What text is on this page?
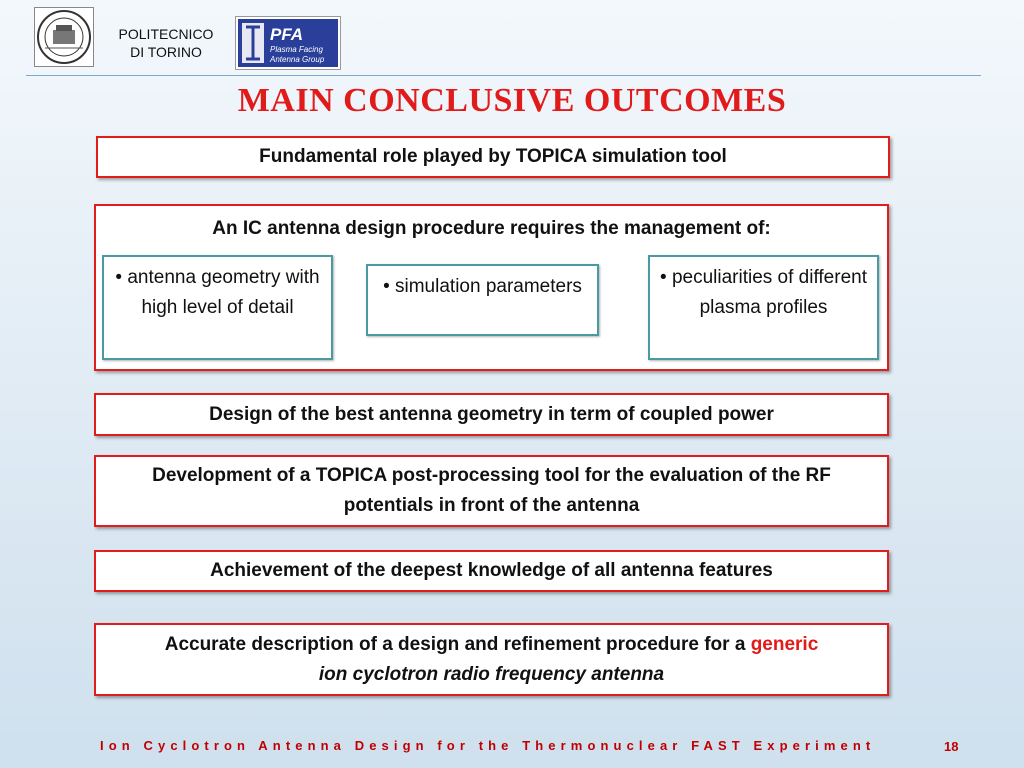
POLITECNICO
DI TORINO
PFA
Plasma Facing
Antenna Group
MAIN CONCLUSIVE OUTCOMES
Fundamental role played by TOPICA simulation tool
An IC antenna design procedure requires the management of:
• antenna geometry with high level of detail
• simulation parameters	• peculiarities of different plasma profiles
Design of the best antenna geometry in term of coupled power
Development of a TOPICA post-processing tool for the evaluation of the RF potentials in front of the antenna
Achievement of the deepest knowledge of all antenna features
Accurate description of a design and refinement procedure for a generic
ion cyclotron radio frequency antenna
Ion Cyclotron Antenna Design for the Thermonuclear FAST Experiment	18
